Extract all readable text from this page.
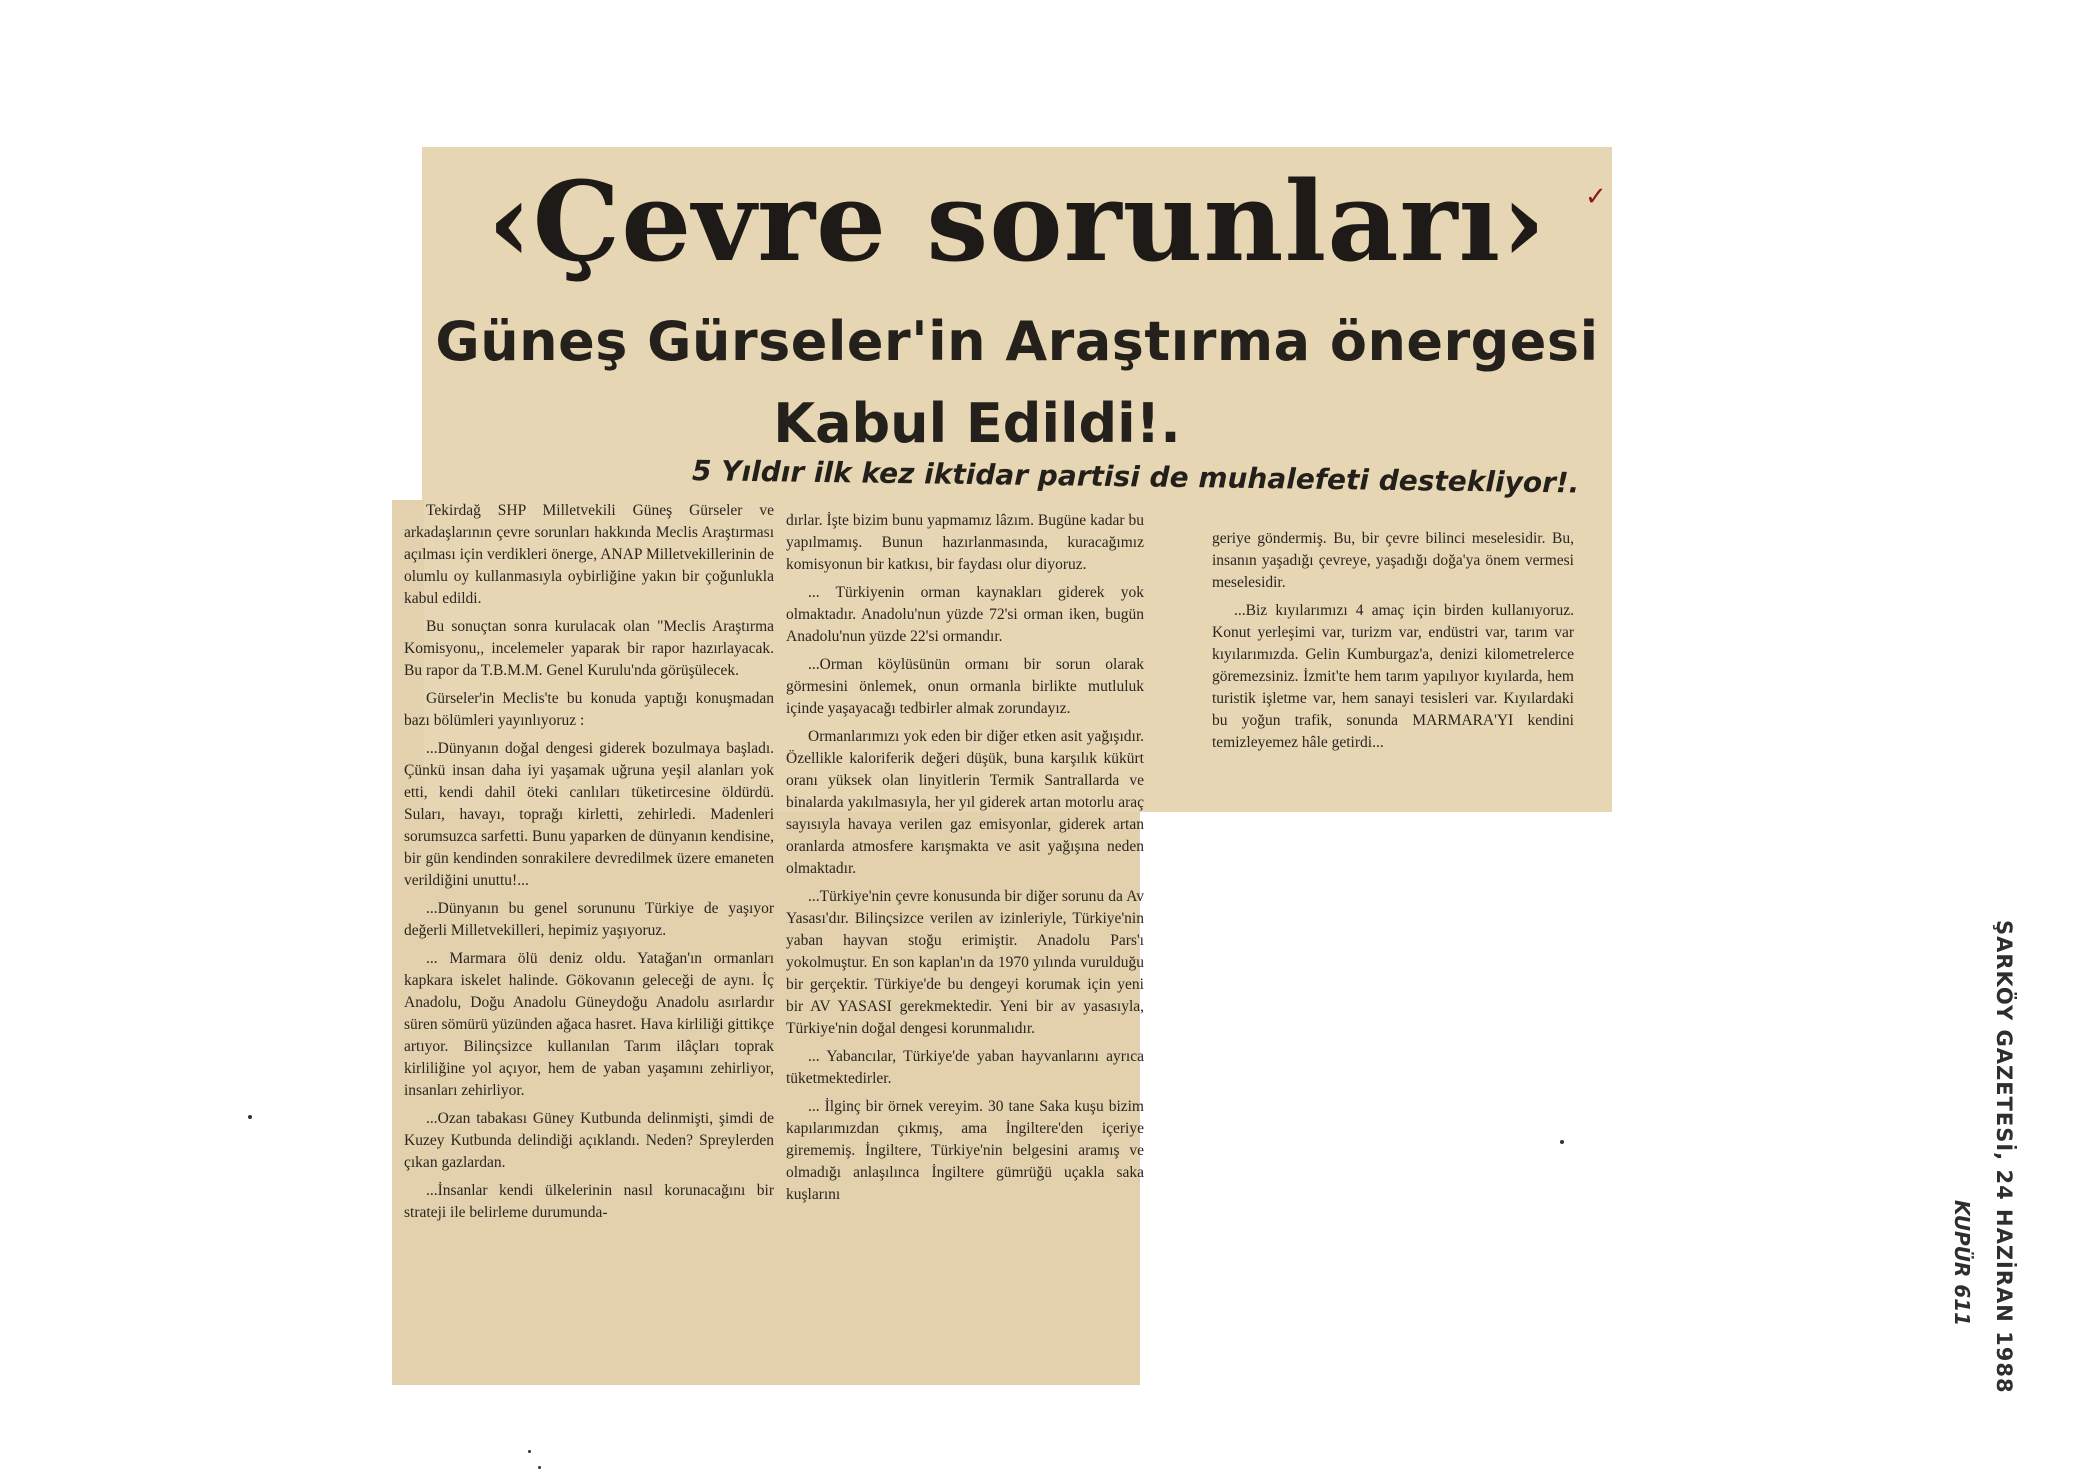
‹Çevre sorunları›
Güneş Gürseler'in Araştırma önergesi
Kabul Edildi!.
5 Yıldır ilk kez iktidar partisi de muhalefeti destekliyor!.

Tekirdağ SHP Milletvekili Güneş Gürseler ve arkadaşlarının çevre sorunları hakkında Meclis Araştırması açılması için verdikleri önerge, ANAP Milletvekillerinin de olumlu oy kullanmasıyla oybirliğine yakın bir çoğunlukla kabul edildi.

Bu sonuçtan sonra kurulacak olan "Meclis Araştırma Komisyonu,, incelemeler yaparak bir rapor hazırlayacak. Bu rapor da T.B.M.M. Genel Kurulu'nda görüşülecek.

Gürseler'in Meclis'te bu konuda yaptığı konuşmadan bazı bölümleri yayınlıyoruz :

...Dünyanın doğal dengesi giderek bozulmaya başladı. Çünkü insan daha iyi yaşamak uğruna yeşil alanları yok etti, kendi dahil öteki canlıları tüketircesine öldürdü. Suları, havayı, toprağı kirletti, zehirledi. Madenleri sorumsuzca sarfetti. Bunu yaparken de dünyanın kendisine, bir gün kendinden sonrakilere devredilmek üzere emaneten verildiğini unuttu!...

...Dünyanın bu genel sorununu Türkiye de yaşıyor değerli Milletvekilleri, hepimiz yaşıyoruz.

... Marmara ölü deniz oldu. Yatağan'ın ormanları kapkara iskelet halinde. Gökovanın geleceği de aynı. İç Anadolu, Doğu Anadolu Güneydoğu Anadolu asırlardır süren sömürü yüzünden ağaca hasret. Hava kirliliği gittikçe artıyor. Bilinçsizce kullanılan Tarım ilâçları toprak kirliliğine yol açıyor, hem de yaban yaşamını zehirliyor, insanları zehirliyor.

...Ozan tabakası Güney Kutbunda delinmişti, şimdi de Kuzey Kutbunda delindiği açıklandı. Neden? Spreylerden çıkan gazlardan.

...İnsanlar kendi ülkelerinin nasıl korunacağını bir strateji ile belirleme durumunda-

dırlar. İşte bizim bunu yapmamız lâzım. Bugüne kadar bu yapılmamış. Bunun hazırlanmasında, kuracağımız komisyonun bir katkısı, bir faydası olur diyoruz.

... Türkiyenin orman kaynakları giderek yok olmaktadır. Anadolu'nun yüzde 72'si orman iken, bugün Anadolu'nun yüzde 22'si ormandır.

...Orman köylüsünün ormanı bir sorun olarak görmesini önlemek, onun ormanla birlikte mutluluk içinde yaşayacağı tedbirler almak zorundayız.

Ormanlarımızı yok eden bir diğer etken asit yağışıdır. Özellikle kaloriferik değeri düşük, buna karşılık kükürt oranı yüksek olan linyitlerin Termik Santrallarda ve binalarda yakılmasıyla, her yıl giderek artan motorlu araç sayısıyla havaya verilen gaz emisyonlar, giderek artan oranlarda atmosfere karışmakta ve asit yağışına neden olmaktadır.

...Türkiye'nin çevre konusunda bir diğer sorunu da Av Yasası'dır. Bilinçsizce verilen av izinleriyle, Türkiye'nin yaban hayvan stoğu erimiştir. Anadolu Pars'ı yokolmuştur. En son kaplan'ın da 1970 yılında vurulduğu bir gerçektir. Türkiye'de bu dengeyi korumak için yeni bir AV YASASI gerekmektedir. Yeni bir av yasasıyla, Türkiye'nin doğal dengesi korunmalıdır.

... Yabancılar, Türkiye'de yaban hayvanlarını ayrıca tüketmektedirler.

... İlginç bir örnek vereyim. 30 tane Saka kuşu bizim kapılarımızdan çıkmış, ama İngiltere'den içeriye girememiş. İngiltere, Türkiye'nin belgesini aramış ve olmadığı anlaşılınca İngiltere gümrüğü uçakla saka kuşlarını

geriye göndermiş. Bu, bir çevre bilinci meselesidir. Bu, insanın yaşadığı çevreye, yaşadığı doğa'ya önem vermesi meselesidir.

...Biz kıyılarımızı 4 amaç için birden kullanıyoruz. Konut yerleşimi var, turizm var, endüstri var, tarım var kıyılarımızda. Gelin Kumburgaz'a, denizi kilometrelerce göremezsiniz. İzmit'te hem tarım yapılıyor kıyılarda, hem turistik işletme var, hem sanayi tesisleri var. Kıyılardaki bu yoğun trafik, sonunda MARMARA'YI kendini temizleyemez hâle getirdi...

✓
ŞARKÖY GAZETESİ, 24 HAZİRAN 1988
KUPÜR 611
